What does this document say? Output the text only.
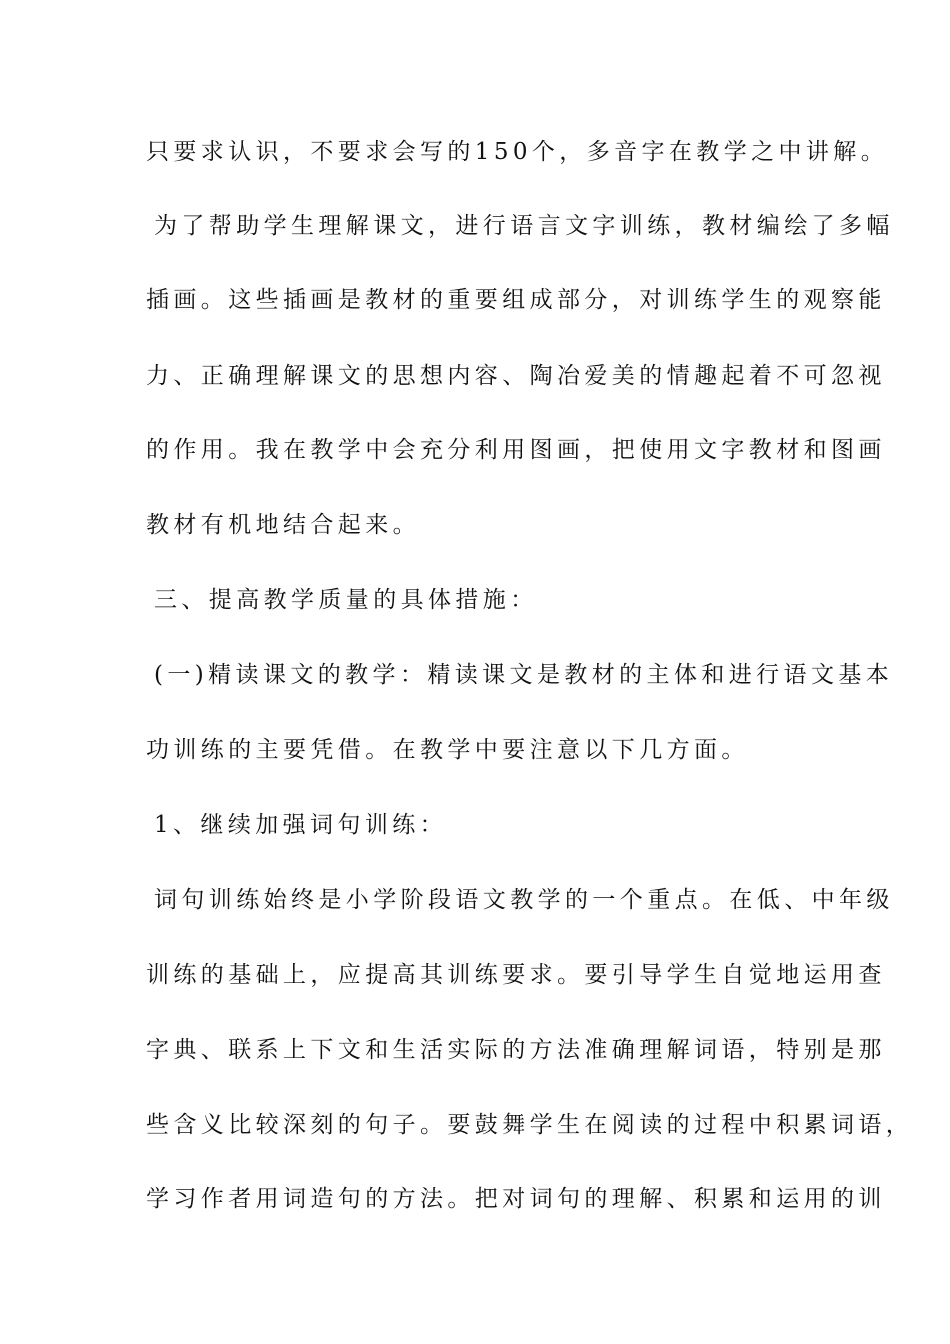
只要求认识，不要求会写的150个，多音字在教学之中讲解。
为了帮助学生理解课文，进行语言文字训练，教材编绘了多幅
插画。这些插画是教材的重要组成部分，对训练学生的观察能
力、正确理解课文的思想内容、陶冶爱美的情趣起着不可忽视
的作用。我在教学中会充分利用图画，把使用文字教材和图画
教材有机地结合起来。
三、提高教学质量的具体措施：
(一)精读课文的教学：精读课文是教材的主体和进行语文基本
功训练的主要凭借。在教学中要注意以下几方面。
1、继续加强词句训练：
词句训练始终是小学阶段语文教学的一个重点。在低、中年级
训练的基础上，应提高其训练要求。要引导学生自觉地运用查
字典、联系上下文和生活实际的方法准确理解词语，特别是那
些含义比较深刻的句子。要鼓舞学生在阅读的过程中积累词语，
学习作者用词造句的方法。把对词句的理解、积累和运用的训
